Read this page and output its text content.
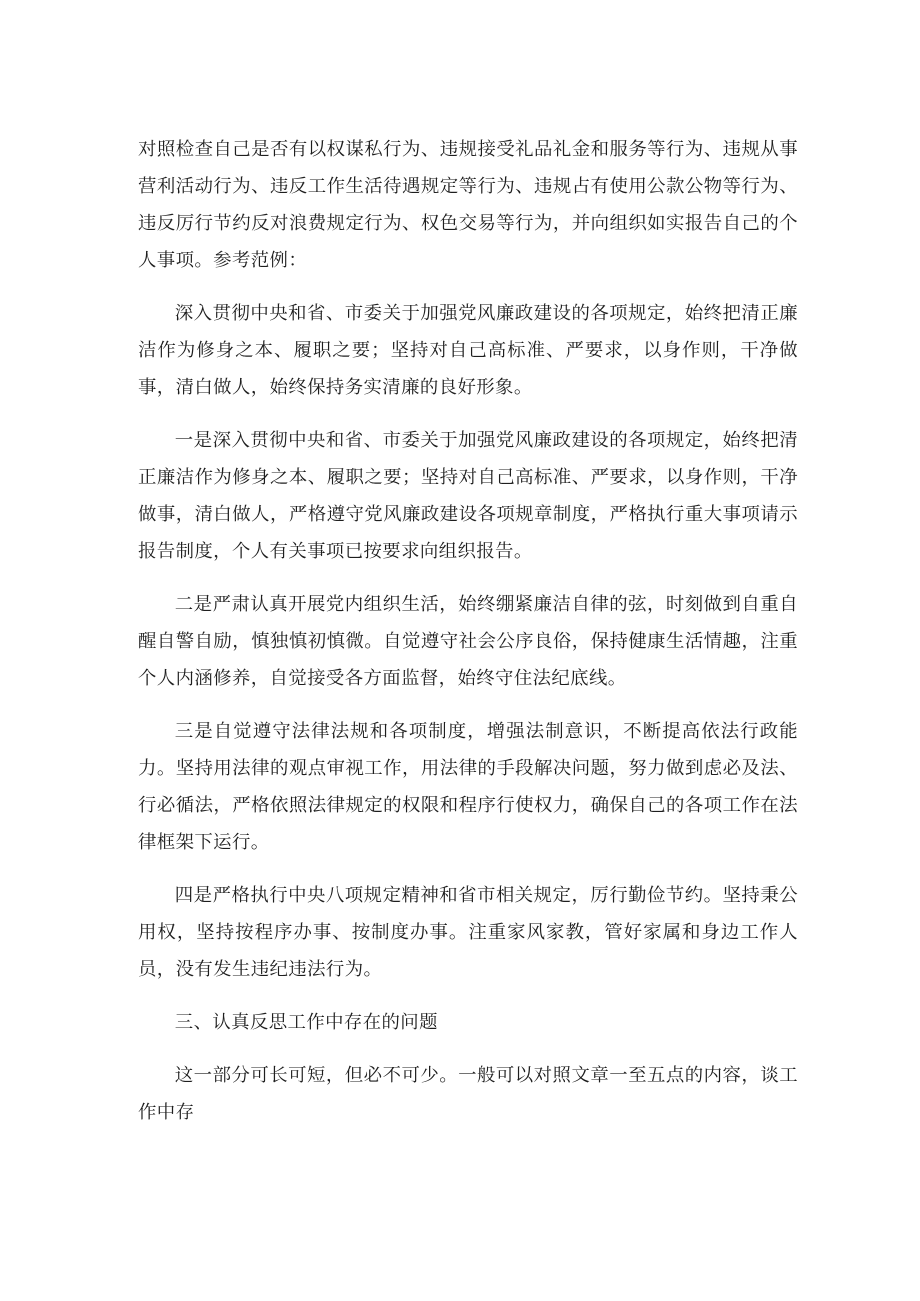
对照检查自己是否有以权谋私行为、违规接受礼品礼金和服务等行为、违规从事营利活动行为、违反工作生活待遇规定等行为、违规占有使用公款公物等行为、违反厉行节约反对浪费规定行为、权色交易等行为，并向组织如实报告自己的个人事项。参考范例：

深入贯彻中央和省、市委关于加强党风廉政建设的各项规定，始终把清正廉洁作为修身之本、履职之要；坚持对自己高标准、严要求，以身作则，干净做事，清白做人，始终保持务实清廉的良好形象。

一是深入贯彻中央和省、市委关于加强党风廉政建设的各项规定，始终把清正廉洁作为修身之本、履职之要；坚持对自己高标准、严要求，以身作则，干净做事，清白做人，严格遵守党风廉政建设各项规章制度，严格执行重大事项请示报告制度，个人有关事项已按要求向组织报告。

二是严肃认真开展党内组织生活，始终绷紧廉洁自律的弦，时刻做到自重自醒自警自励，慎独慎初慎微。自觉遵守社会公序良俗，保持健康生活情趣，注重个人内涵修养，自觉接受各方面监督，始终守住法纪底线。

三是自觉遵守法律法规和各项制度，增强法制意识，不断提高依法行政能力。坚持用法律的观点审视工作，用法律的手段解决问题，努力做到虑必及法、行必循法，严格依照法律规定的权限和程序行使权力，确保自己的各项工作在法律框架下运行。

四是严格执行中央八项规定精神和省市相关规定，厉行勤俭节约。坚持秉公用权，坚持按程序办事、按制度办事。注重家风家教，管好家属和身边工作人员，没有发生违纪违法行为。

三、认真反思工作中存在的问题

这一部分可长可短，但必不可少。一般可以对照文章一至五点的内容，谈工作中存
